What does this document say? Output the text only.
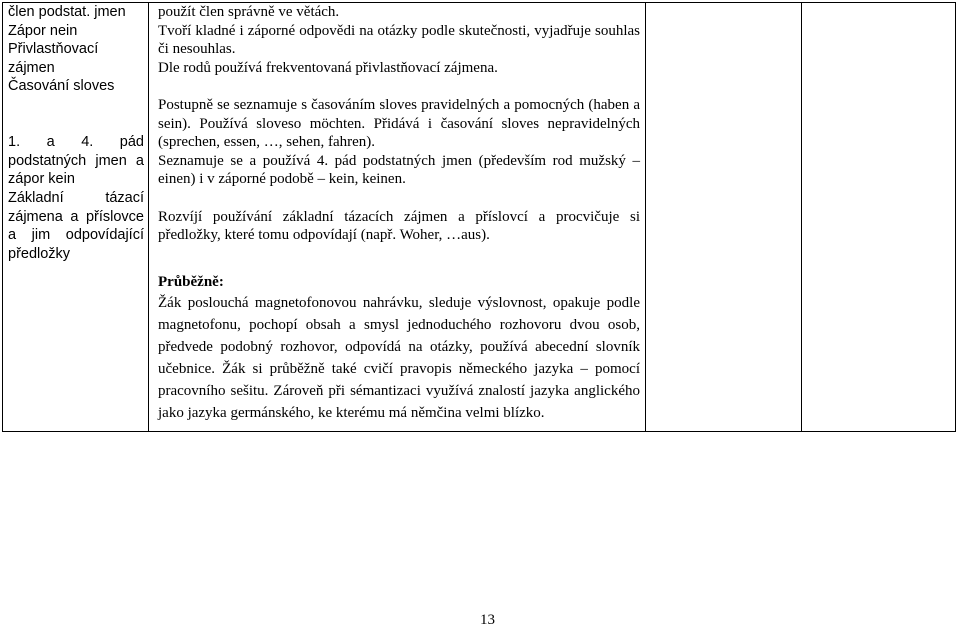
člen podstat. jmen
Zápor nein
Přivlastňovací zájmen
Časování sloves
1. a 4. pád podstatných jmen a zápor kein
Základní tázací zájmena a příslovce a jim odpovídající předložky

použít člen správně ve větách.
Tvoří kladné i záporné odpovědi na otázky podle skutečnosti, vyjadřuje souhlas či nesouhlas.
Dle rodů používá frekventovaná přivlastňovací zájmena.
Postupně se seznamuje s časováním sloves pravidelných a pomocných (haben a sein). Používá sloveso möchten. Přidává i časování sloves nepravidelných (sprechen, essen, …, sehen, fahren).
Seznamuje se a používá 4. pád podstatných jmen (především rod mužský – einen) i v záporné podobě – kein, keinen.
Rozvíjí používání základní tázacích zájmen a příslovcí a procvičuje si předložky, které tomu odpovídají (např. Woher, …aus).
Průběžně:
Žák poslouchá magnetofonovou nahrávku, sleduje výslovnost, opakuje podle magnetofonu, pochopí obsah a smysl jednoduchého rozhovoru dvou osob, předvede podobný rozhovor, odpovídá na otázky, používá abecední slovník učebnice. Žák si průběžně také cvičí pravopis německého jazyka – pomocí pracovního sešitu. Zároveň při sémantizaci využívá znalostí jazyka anglického jako jazyka germánského, ke kterému má němčina velmi blízko.

13
